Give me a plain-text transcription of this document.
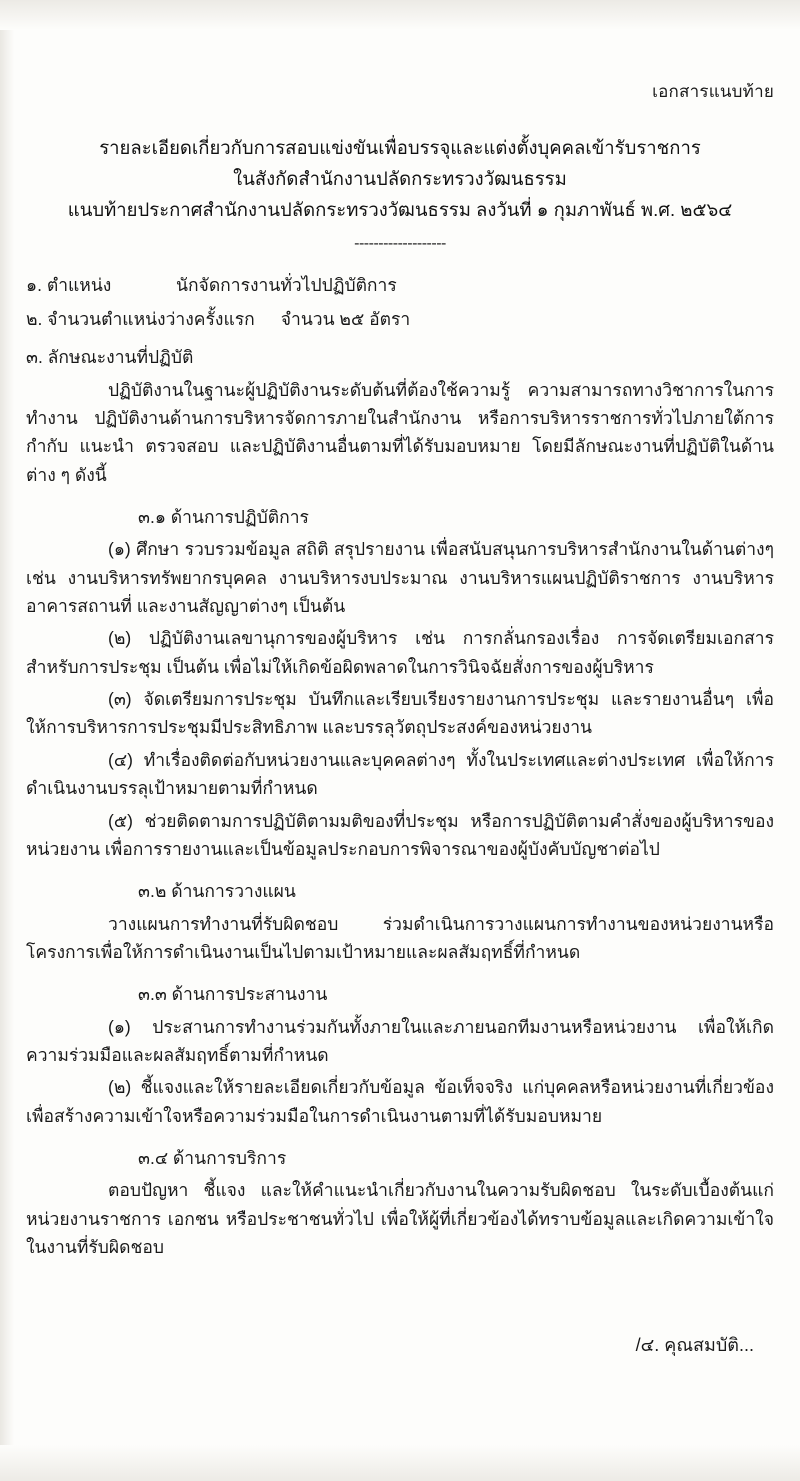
เอกสารแนบท้าย
รายละเอียดเกี่ยวกับการสอบแข่งขันเพื่อบรรจุและแต่งตั้งบุคคลเข้ารับราชการ
ในสังกัดสำนักงานปลัดกระทรวงวัฒนธรรม
แนบท้ายประกาศสำนักงานปลัดกระทรวงวัฒนธรรม ลงวันที่ ๑ กุมภาพันธ์ พ.ศ. ๒๕๖๔
-------------------
๑. ตำแหน่ง	นักจัดการงานทั่วไปปฏิบัติการ
๒. จำนวนตำแหน่งว่างครั้งแรก	จำนวน ๒๕ อัตรา
๓. ลักษณะงานที่ปฏิบัติ
ปฏิบัติงานในฐานะผู้ปฏิบัติงานระดับต้นที่ต้องใช้ความรู้ ความสามารถทางวิชาการในการทำงาน ปฏิบัติงานด้านการบริหารจัดการภายในสำนักงาน หรือการบริหารราชการทั่วไปภายใต้การกำกับ แนะนำ ตรวจสอบ และปฏิบัติงานอื่นตามที่ได้รับมอบหมาย โดยมีลักษณะงานที่ปฏิบัติในด้านต่าง ๆ ดังนี้
๓.๑ ด้านการปฏิบัติการ
(๑) ศึกษา รวบรวมข้อมูล สถิติ สรุปรายงาน เพื่อสนับสนุนการบริหารสำนักงานในด้านต่างๆ เช่น งานบริหารทรัพยากรบุคคล งานบริหารงบประมาณ งานบริหารแผนปฏิบัติราชการ งานบริหารอาคารสถานที่ และงานสัญญาต่างๆ เป็นต้น
(๒) ปฏิบัติงานเลขานุการของผู้บริหาร เช่น การกลั่นกรองเรื่อง การจัดเตรียมเอกสารสำหรับการประชุม เป็นต้น เพื่อไม่ให้เกิดข้อผิดพลาดในการวินิจฉัยสั่งการของผู้บริหาร
(๓) จัดเตรียมการประชุม บันทึกและเรียบเรียงรายงานการประชุม และรายงานอื่นๆ เพื่อให้การบริหารการประชุมมีประสิทธิภาพ และบรรลุวัตถุประสงค์ของหน่วยงาน
(๔) ทำเรื่องติดต่อกับหน่วยงานและบุคคลต่างๆ ทั้งในประเทศและต่างประเทศ เพื่อให้การดำเนินงานบรรลุเป้าหมายตามที่กำหนด
(๕) ช่วยติดตามการปฏิบัติตามมติของที่ประชุม หรือการปฏิบัติตามคำสั่งของผู้บริหารของหน่วยงาน เพื่อการรายงานและเป็นข้อมูลประกอบการพิจารณาของผู้บังคับบัญชาต่อไป
๓.๒ ด้านการวางแผน
วางแผนการทำงานที่รับผิดชอบ ร่วมดำเนินการวางแผนการทำงานของหน่วยงานหรือโครงการเพื่อให้การดำเนินงานเป็นไปตามเป้าหมายและผลสัมฤทธิ์ที่กำหนด
๓.๓ ด้านการประสานงาน
(๑) ประสานการทำงานร่วมกันทั้งภายในและภายนอกทีมงานหรือหน่วยงาน เพื่อให้เกิดความร่วมมือและผลสัมฤทธิ์ตามที่กำหนด
(๒) ชี้แจงและให้รายละเอียดเกี่ยวกับข้อมูล ข้อเท็จจริง แก่บุคคลหรือหน่วยงานที่เกี่ยวข้อง เพื่อสร้างความเข้าใจหรือความร่วมมือในการดำเนินงานตามที่ได้รับมอบหมาย
๓.๔ ด้านการบริการ
ตอบปัญหา ชี้แจง และให้คำแนะนำเกี่ยวกับงานในความรับผิดชอบ ในระดับเบื้องต้นแก่หน่วยงานราชการ เอกชน หรือประชาชนทั่วไป เพื่อให้ผู้ที่เกี่ยวข้องได้ทราบข้อมูลและเกิดความเข้าใจในงานที่รับผิดชอบ
/๔. คุณสมบัติ...
